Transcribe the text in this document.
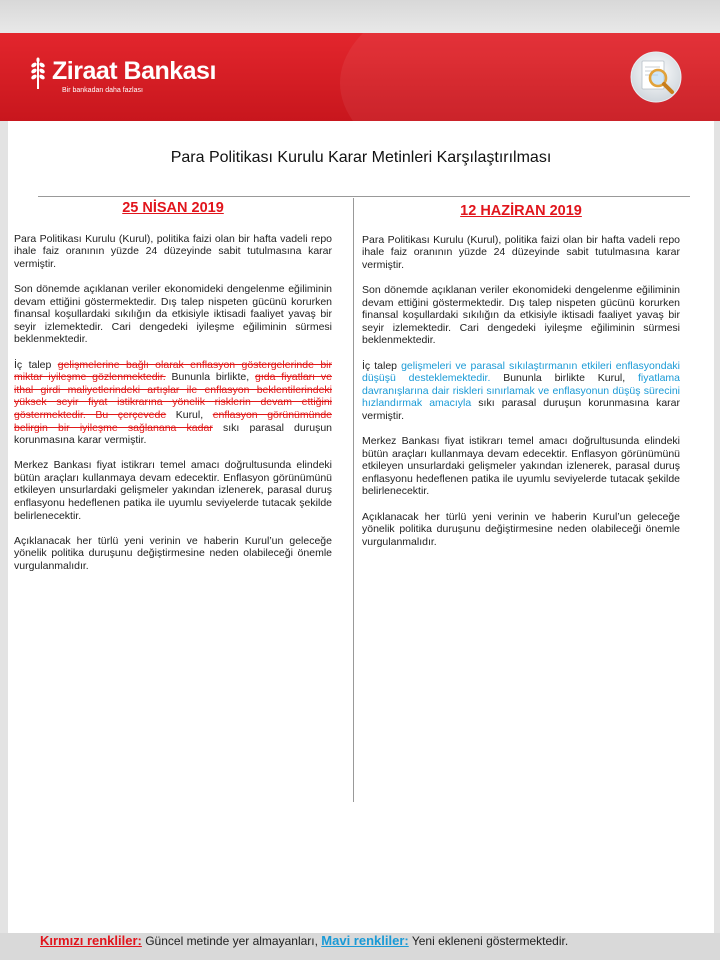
Ziraat Bankası
Bir bankadan daha fazlası
Para Politikası Kurulu Karar Metinleri Karşılaştırılması
25 NİSAN 2019

Para Politikası Kurulu (Kurul), politika faizi olan bir hafta vadeli repo ihale faiz oranının yüzde 24 düzeyinde sabit tutulmasına karar vermiştir.

Son dönemde açıklanan veriler ekonomideki dengelenme eğiliminin devam ettiğini göstermektedir. Dış talep nispeten gücünü korurken finansal koşullardaki sıkılığın da etkisiyle iktisadi faaliyet yavaş bir seyir izlemektedir. Cari dengedeki iyileşme eğiliminin sürmesi beklenmektedir.

İç talep gelişmelerine bağlı olarak enflasyon göstergelerinde bir miktar iyileşme gözlenmektedir. Bununla birlikte, gıda fiyatları ve ithal girdi maliyetlerindeki artışlar ile enflasyon beklentilerindeki yüksek seyir fiyat istikrarına yönelik risklerin devam ettiğini göstermektedir. Bu çerçevede Kurul, enflasyon görünümünde belirgin bir iyileşme sağlanana kadar sıkı parasal duruşun korunmasına karar vermiştir.

Merkez Bankası fiyat istikrarı temel amacı doğrultusunda elindeki bütün araçları kullanmaya devam edecektir. Enflasyon görünümünü etkileyen unsurlardaki gelişmeler yakından izlenerek, parasal duruş enflasyonu hedeflenen patika ile uyumlu seviyelerde tutacak şekilde belirlenecektir.

Açıklanacak her türlü yeni verinin ve haberin Kurul’un geleceğe yönelik politika duruşunu değiştirmesine neden olabileceği önemle vurgulanmalıdır.

12 HAZİRAN 2019

Para Politikası Kurulu (Kurul), politika faizi olan bir hafta vadeli repo ihale faiz oranının yüzde 24 düzeyinde sabit tutulmasına karar vermiştir.

Son dönemde açıklanan veriler ekonomideki dengelenme eğiliminin devam ettiğini göstermektedir. Dış talep nispeten gücünü korurken finansal koşullardaki sıkılığın da etkisiyle iktisadi faaliyet yavaş bir seyir izlemektedir. Cari dengedeki iyileşme eğiliminin sürmesi beklenmektedir.

İç talep gelişmeleri ve parasal sıkılaştırmanın etkileri enflasyondaki düşüşü desteklemektedir. Bununla birlikte Kurul, fiyatlama davranışlarına dair riskleri sınırlamak ve enflasyonun düşüş sürecini hızlandırmak amacıyla sıkı parasal duruşun korunmasına karar vermiştir.

Merkez Bankası fiyat istikrarı temel amacı doğrultusunda elindeki bütün araçları kullanmaya devam edecektir. Enflasyon görünümünü etkileyen unsurlardaki gelişmeler yakından izlenerek, parasal duruş enflasyonu hedeflenen patika ile uyumlu seviyelerde tutacak şekilde belirlenecektir.

Açıklanacak her türlü yeni verinin ve haberin Kurul’un geleceğe yönelik politika duruşunu değiştirmesine neden olabileceği önemle vurgulanmalıdır.

Kırmızı renkliler: Güncel metinde yer almayanları, Mavi renkliler: Yeni ekleneni göstermektedir.
